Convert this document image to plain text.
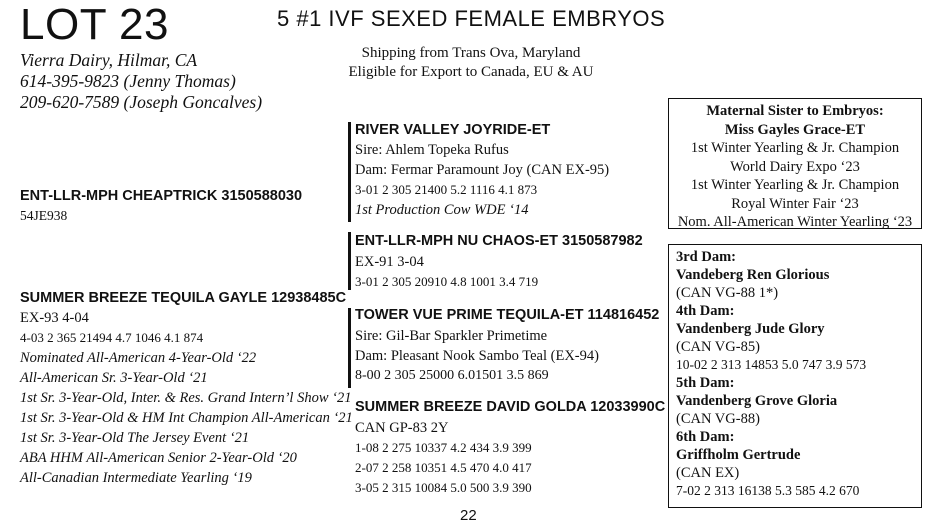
LOT 23	5 #1 IVF SEXED FEMALE EMBRYOS
Vierra Dairy, Hilmar, CA
614-395-9823 (Jenny Thomas)
209-620-7589 (Joseph Goncalves)
Shipping from Trans Ova, Maryland
Eligible for Export to Canada, EU & AU
ENT-LLR-MPH CHEAPTRICK 3150588030
54JE938
RIVER VALLEY JOYRIDE-ET
Sire: Ahlem Topeka Rufus
Dam: Fermar Paramount Joy (CAN EX-95)
3-01 2 305 21400 5.2 1116 4.1 873
1st Production Cow WDE ‘14
ENT-LLR-MPH NU CHAOS-ET 3150587982
EX-91 3-04
3-01 2 305 20910 4.8 1001 3.4 719
SUMMER BREEZE TEQUILA GAYLE 12938485C
EX-93 4-04
4-03 2 365 21494 4.7 1046 4.1 874
Nominated All-American 4-Year-Old ‘22
All-American Sr. 3-Year-Old ‘21
1st Sr. 3-Year-Old, Inter. & Res. Grand Intern’l Show ‘21
1st Sr. 3-Year-Old & HM Int Champion All-American ‘21
1st Sr. 3-Year-Old The Jersey Event ‘21
ABA HHM All-American Senior 2-Year-Old ‘20
All-Canadian Intermediate Yearling ‘19
TOWER VUE PRIME TEQUILA-ET 114816452
Sire: Gil-Bar Sparkler Primetime
Dam: Pleasant Nook Sambo Teal (EX-94)
8-00 2 305 25000 6.01501 3.5 869
SUMMER BREEZE DAVID GOLDA 12033990C
CAN GP-83 2Y
1-08 2 275 10337 4.2 434 3.9 399
2-07 2 258 10351 4.5 470 4.0 417
3-05 2 315 10084 5.0 500 3.9 390
Maternal Sister to Embryos:
Miss Gayles Grace-ET
1st Winter Yearling & Jr. Champion
World Dairy Expo ‘23
1st Winter Yearling & Jr. Champion
Royal Winter Fair ‘23
Nom. All-American Winter Yearling ‘23
3rd Dam:
Vandeberg Ren Glorious
(CAN VG-88 1*)
4th Dam:
Vandenberg Jude Glory
(CAN VG-85)
10-02 2 313 14853 5.0 747 3.9 573
5th Dam:
Vandenberg Grove Gloria
(CAN VG-88)
6th Dam:
Griffholm Gertrude
(CAN EX)
7-02 2 313 16138 5.3 585 4.2 670
22
